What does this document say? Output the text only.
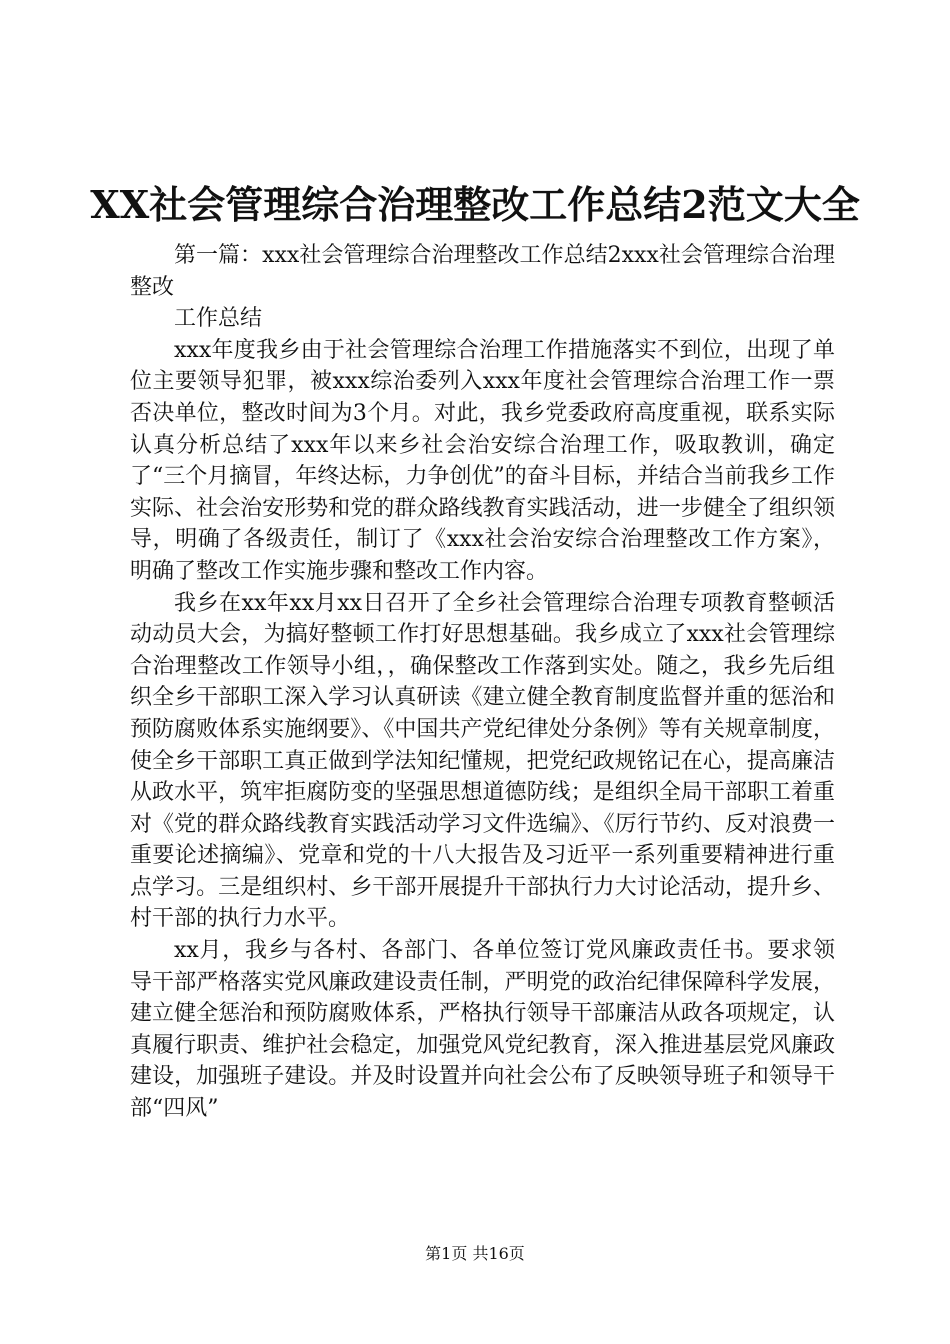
XX社会管理综合治理整改工作总结2范文大全

第一篇：xxx社会管理综合治理整改工作总结2xxx社会管理综合治理整改

工作总结

xxx年度我乡由于社会管理综合治理工作措施落实不到位，出现了单位主要领导犯罪，被xxx综治委列入xxx年度社会管理综合治理工作一票否决单位，整改时间为3个月。对此，我乡党委政府高度重视，联系实际认真分析总结了xxx年以来乡社会治安综合治理工作，吸取教训，确定了“三个月摘冒，年终达标，力争创优”的奋斗目标，并结合当前我乡工作实际、社会治安形势和党的群众路线教育实践活动，进一步健全了组织领导，明确了各级责任，制订了《xxx社会治安综合治理整改工作方案》，明确了整改工作实施步骤和整改工作内容。

我乡在xx年xx月xx日召开了全乡社会管理综合治理专项教育整顿活动动员大会，为搞好整顿工作打好思想基础。我乡成立了xxx社会管理综合治理整改工作领导小组，，确保整改工作落到实处。随之，我乡先后组织全乡干部职工深入学习认真研读《建立健全教育制度监督并重的惩治和预防腐败体系实施纲要》、《中国共产党纪律处分条例》等有关规章制度，使全乡干部职工真正做到学法知纪懂规，把党纪政规铭记在心，提高廉洁从政水平，筑牢拒腐防变的坚强思想道德防线；是组织全局干部职工着重对《党的群众路线教育实践活动学习文件选编》、《厉行节约、反对浪费一重要论述摘编》、党章和党的十八大报告及习近平一系列重要精神进行重点学习。三是组织村、乡干部开展提升干部执行力大讨论活动，提升乡、村干部的执行力水平。

xx月，我乡与各村、各部门、各单位签订党风廉政责任书。要求领导干部严格落实党风廉政建设责任制，严明党的政治纪律保障科学发展，建立健全惩治和预防腐败体系，严格执行领导干部廉洁从政各项规定，认真履行职责、维护社会稳定，加强党风党纪教育，深入推进基层党风廉政建设，加强班子建设。并及时设置并向社会公布了反映领导班子和领导干部“四风”

第1页 共16页
